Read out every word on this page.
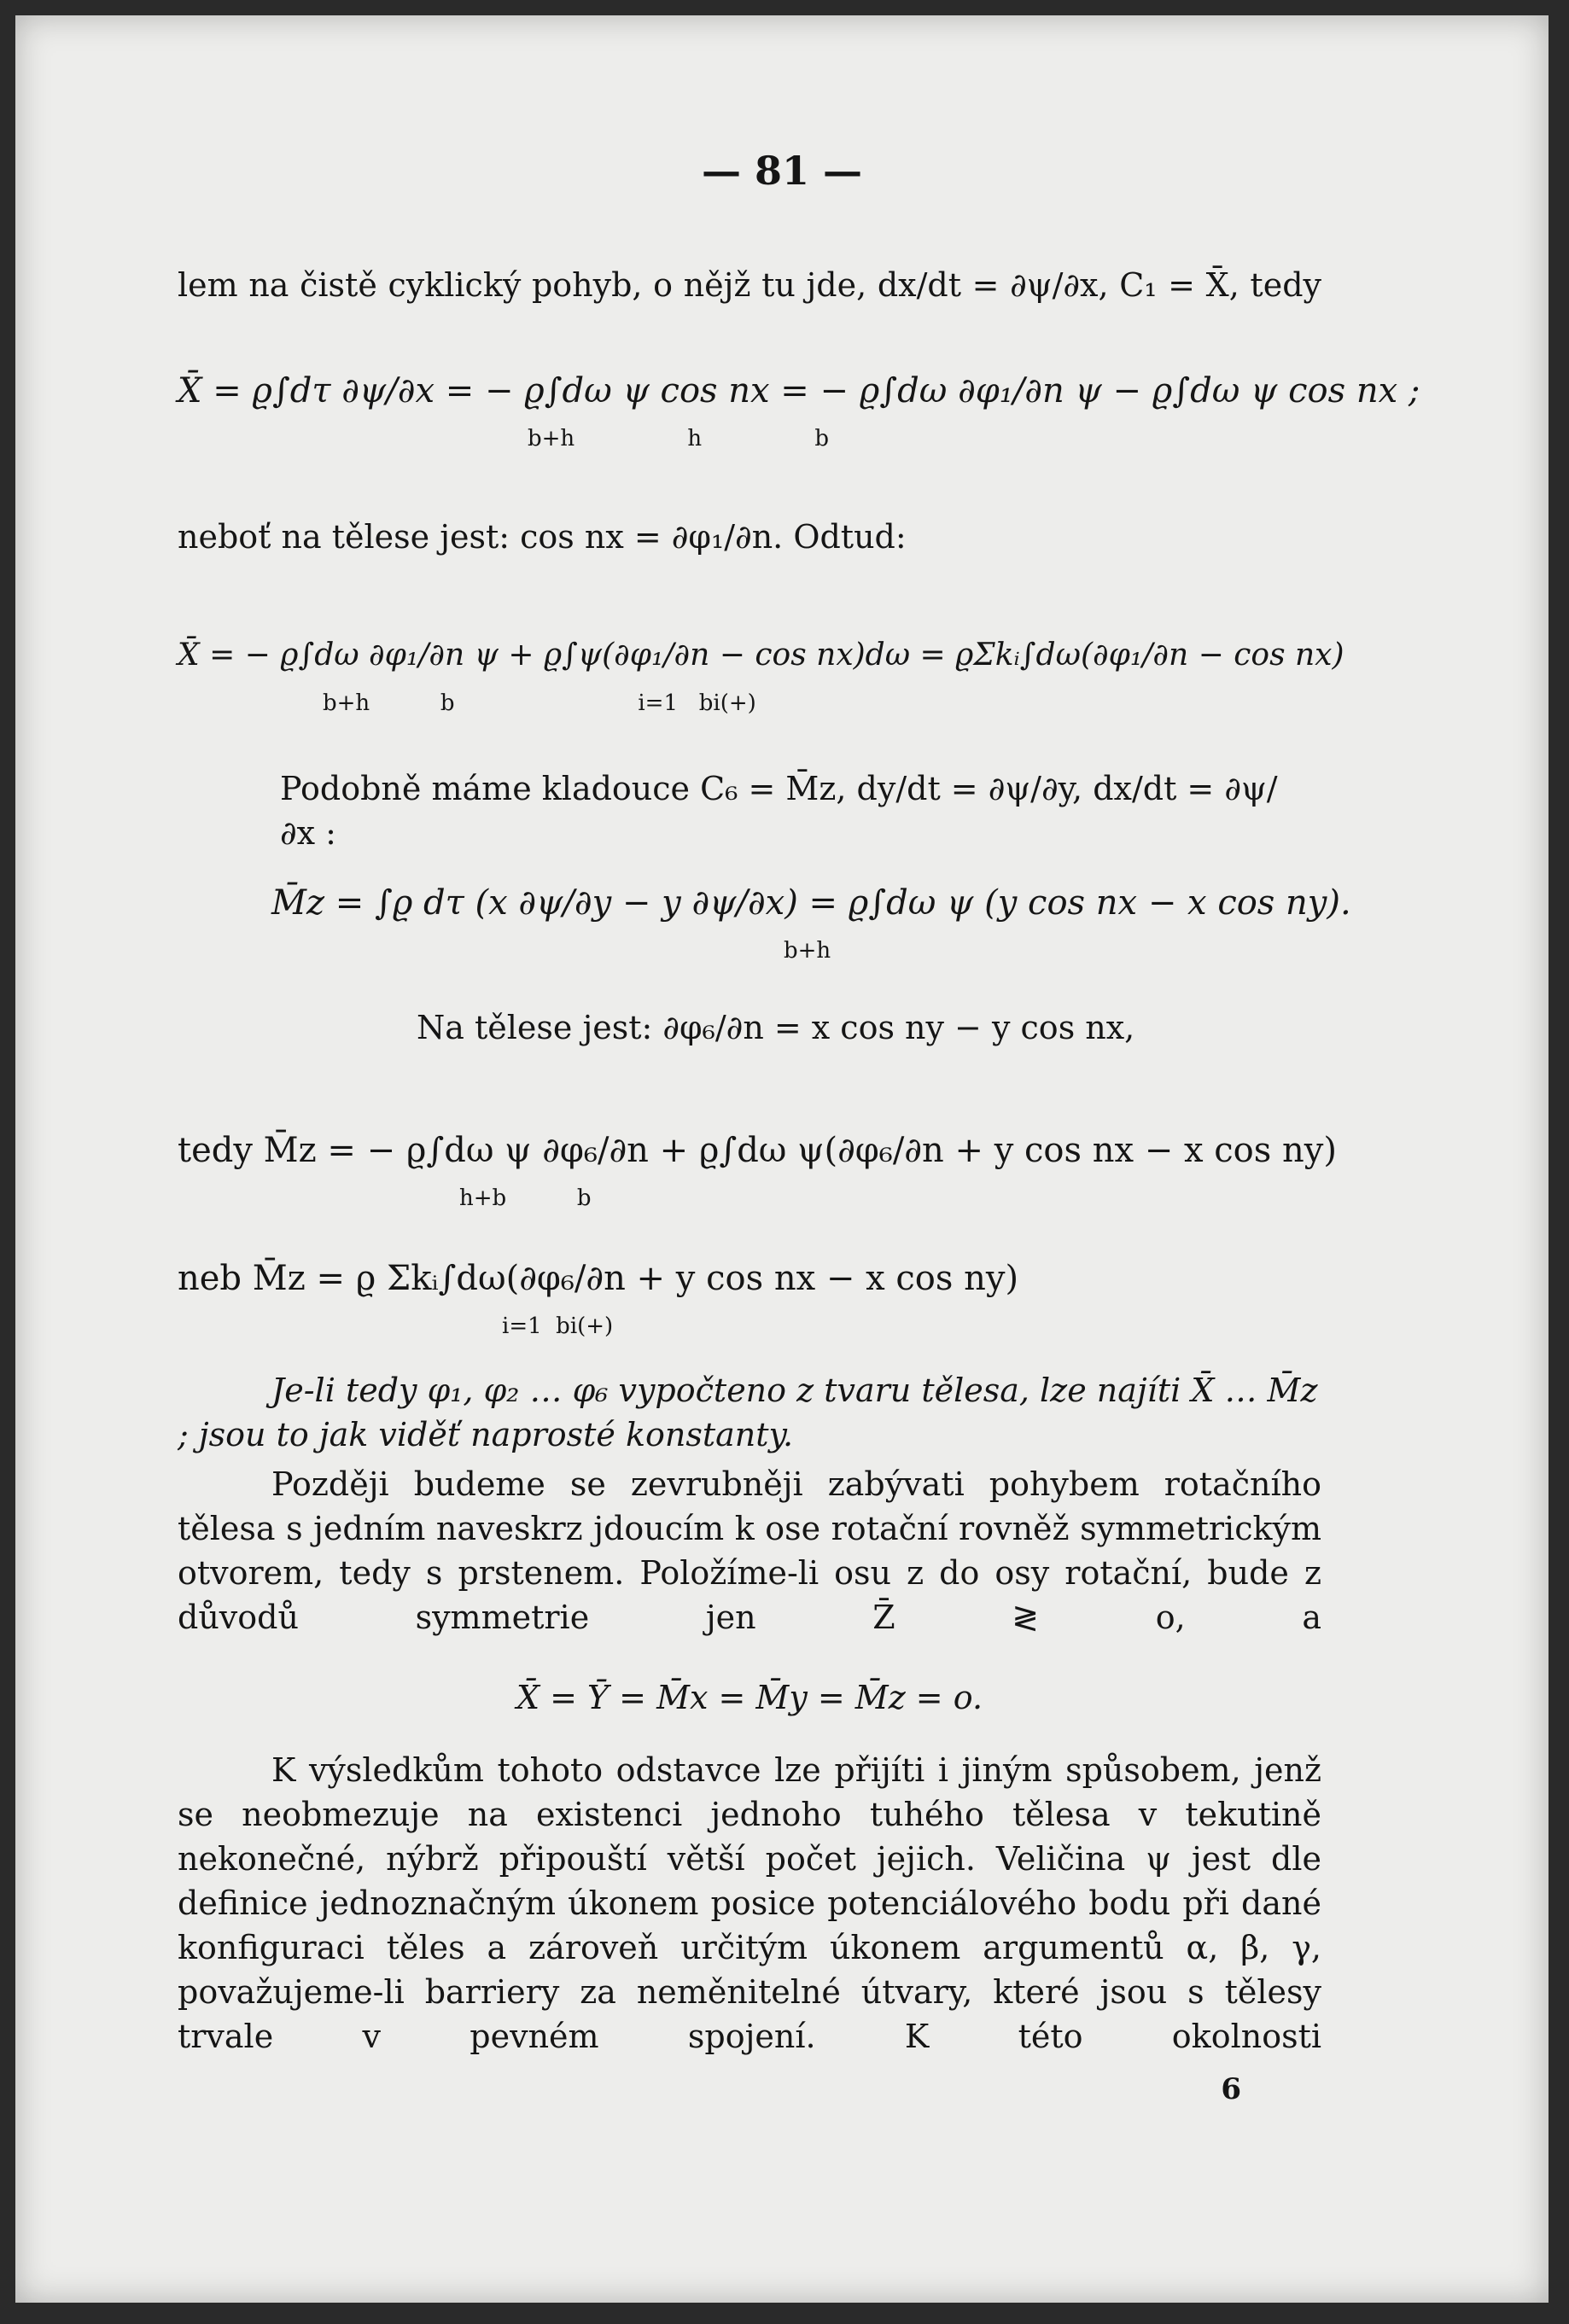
— 81 —
lem na čistě cyklický pohyb, o nějž tu jde, dx/dt = ∂ψ/∂x, C₁ = X̄, tedy
X̄ = ϱ∫dτ ∂ψ/∂x = − ϱ∫dω ψ cos nx = − ϱ∫dω ∂φ₁/∂n ψ − ϱ∫dω ψ cos nx ;
b+h                h                b
neboť na tělese jest: cos nx = ∂φ₁/∂n. Odtud:
X̄ = − ϱ∫dω ∂φ₁/∂n ψ + ϱ∫ψ(∂φ₁/∂n − cos nx)dω = ϱΣkᵢ∫dω(∂φ₁/∂n − cos nx)
b+h          b                          i=1   bi(+)
Podobně máme kladouce C₆ = M̄z, dy/dt = ∂ψ/∂y, dx/dt = ∂ψ/∂x :
M̄z = ∫ϱ dτ (x ∂ψ/∂y − y ∂ψ/∂x) = ϱ∫dω ψ (y cos nx − x cos ny).
b+h
Na tělese jest: ∂φ₆/∂n = x cos ny − y cos nx,
tedy M̄z = − ϱ∫dω ψ ∂φ₆/∂n + ϱ∫dω ψ(∂φ₆/∂n + y cos nx − x cos ny)
h+b          b
neb M̄z = ϱ Σkᵢ∫dω(∂φ₆/∂n + y cos nx − x cos ny)
i=1  bi(+)
Je-li tedy φ₁, φ₂ … φ₆ vypočteno z tvaru tělesa, lze najíti X̄ … M̄z ; jsou to jak viděť naprosté konstanty.
Později budeme se zevrubněji zabývati pohybem rotačního tělesa s jedním naveskrz jdoucím k ose rotační rovněž symmetrickým otvorem, tedy s prstenem. Položíme-li osu z do osy rotační, bude z důvodů symmetrie jen Z̄ ≷ o, a
X̄ = Ȳ = M̄x = M̄y = M̄z = o.
K výsledkům tohoto odstavce lze přijíti i jiným spůsobem, jenž se neobmezuje na existenci jednoho tuhého tělesa v tekutině nekonečné, nýbrž připouští větší počet jejich. Veličina ψ jest dle definice jednoznačným úkonem posice potenciálového bodu při dané konfiguraci těles a zároveň určitým úkonem argumentů α, β, γ, považujeme-li barriery za neměnitelné útvary, které jsou s tělesy trvale v pevném spojení. K této okolnosti
6
